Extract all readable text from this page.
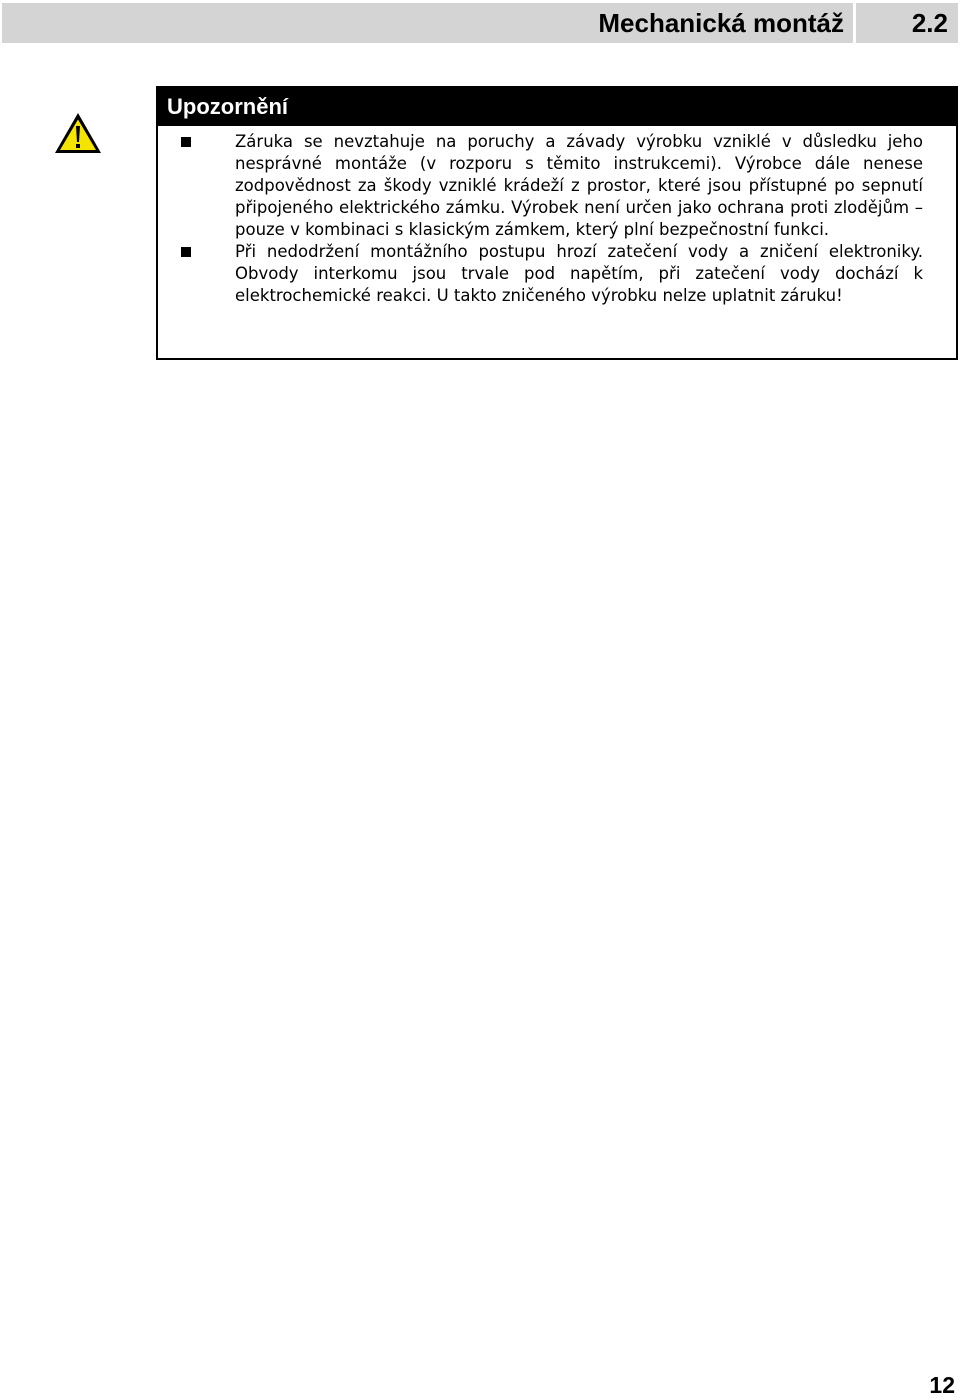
Mechanická montáž	2.2
Upozornění
Záruka se nevztahuje na poruchy a závady výrobku vzniklé v důsledku jeho nesprávné montáže (v rozporu s těmito instrukcemi). Výrobce dále nenese zodpovědnost za škody vzniklé krádeží z prostor, které jsou přístupné po sepnutí připojeného elektrického zámku. Výrobek není určen jako ochrana proti zlodějům – pouze v kombinaci s klasickým zámkem, který plní bezpečnostní funkci.
Při nedodržení montážního postupu hrozí zatečení vody a zničení elektroniky. Obvody interkomu jsou trvale pod napětím, při zatečení vody dochází k elektrochemické reakci. U takto zničeného výrobku nelze uplatnit záruku!
12
